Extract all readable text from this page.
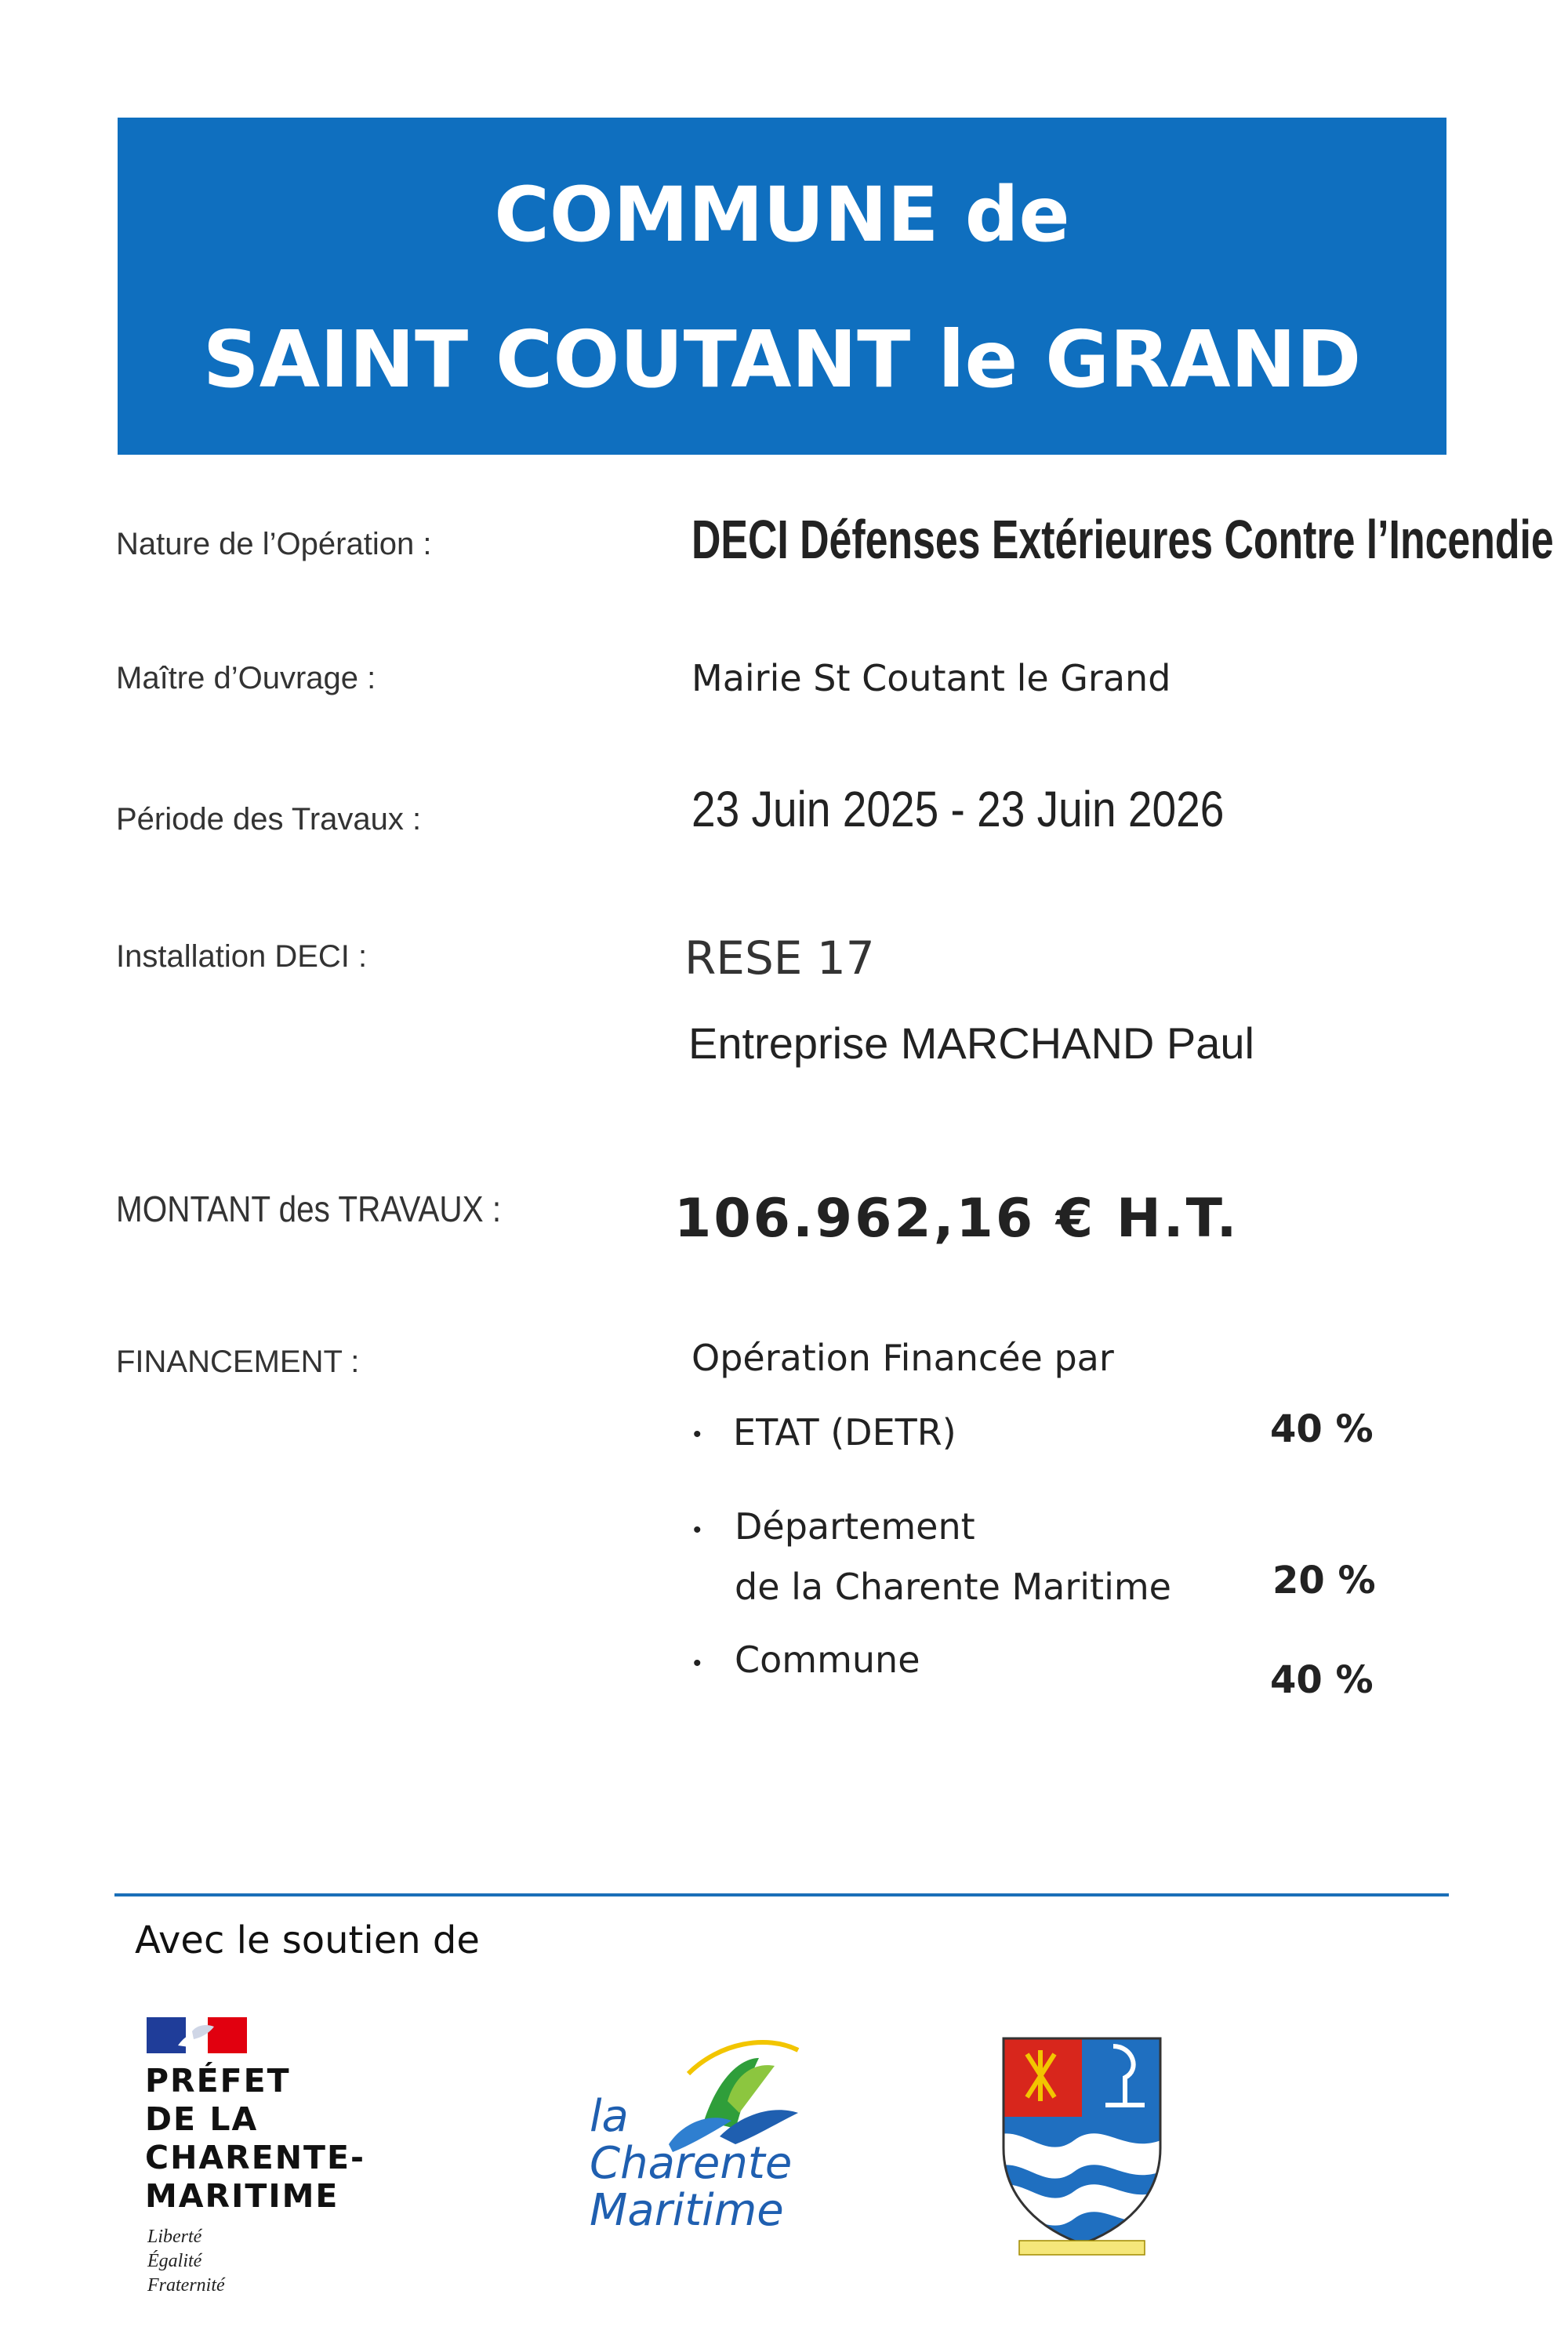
COMMUNE de
SAINT COUTANT le GRAND
Nature de l’Opération :	DECI Défenses Extérieures Contre l’Incendie
Maître d’Ouvrage :	Mairie St Coutant le Grand
Période des Travaux :	23 Juin 2025 - 23 Juin 2026
Installation DECI :	RESE 17
Entreprise MARCHAND Paul
MONTANT des TRAVAUX :	106.962,16 € H.T.
FINANCEMENT :	Opération Financée par
• ETAT (DETR)	40 %
• Département
de la Charente Maritime	20 %
• Commune	40 %
Avec le soutien de
PRÉFET
DE LA
CHARENTE-
MARITIME
Liberté
Égalité
Fraternité
la
Charente
Maritime
